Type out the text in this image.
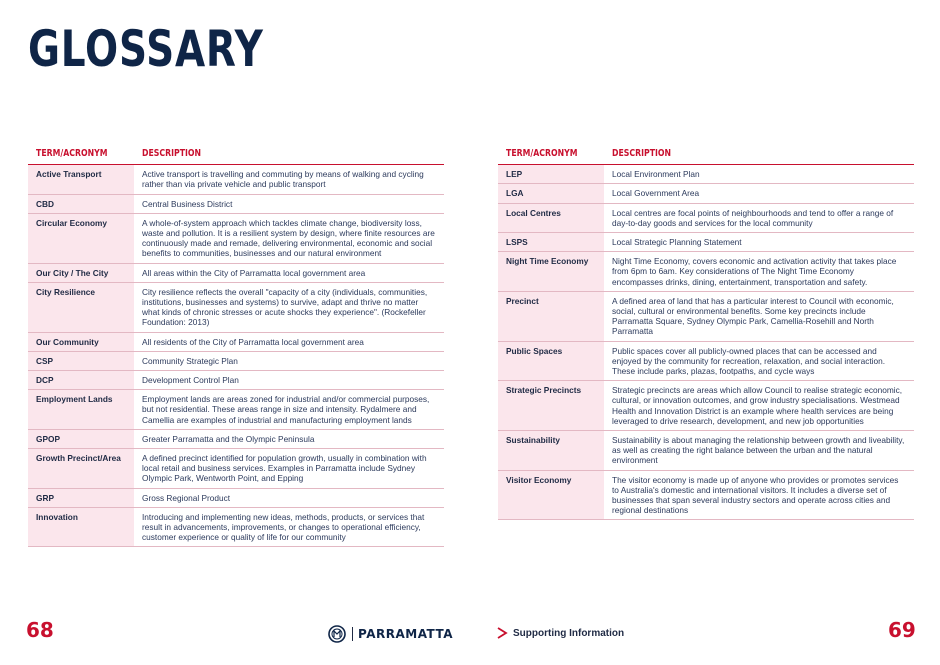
GLOSSARY
TERM/ACRONYM	DESCRIPTION
Active Transport	Active transport is travelling and commuting by means of walking and cycling rather than via private vehicle and public transport
CBD	Central Business District
Circular Economy	A whole-of-system approach which tackles climate change, biodiversity loss, waste and pollution. It is a resilient system by design, where finite resources are continuously made and remade, delivering environmental, economic and social benefits to communities, businesses and our natural environment
Our City / The City	All areas within the City of Parramatta local government area
City Resilience	City resilience reflects the overall "capacity of a city (individuals, communities, institutions, businesses and systems) to survive, adapt and thrive no matter what kinds of chronic stresses or acute shocks they experience". (Rockefeller Foundation: 2013)
Our Community	All residents of the City of Parramatta local government area
CSP	Community Strategic Plan
DCP	Development Control Plan
Employment Lands	Employment lands are areas zoned for industrial and/or commercial purposes, but not residential. These areas range in size and intensity. Rydalmere and Camellia are examples of industrial and manufacturing employment lands
GPOP	Greater Parramatta and the Olympic Peninsula
Growth Precinct/Area	A defined precinct identified for population growth, usually in combination with local retail and business services. Examples in Parramatta include Sydney Olympic Park, Wentworth Point, and Epping
GRP	Gross Regional Product
Innovation	Introducing and implementing new ideas, methods, products, or services that result in advancements, improvements, or changes to operational efficiency, customer experience or quality of life for our community
TERM/ACRONYM	DESCRIPTION
LEP	Local Environment Plan
LGA	Local Government Area
Local Centres	Local centres are focal points of neighbourhoods and tend to offer a range of day-to-day goods and services for the local community
LSPS	Local Strategic Planning Statement
Night Time Economy	Night Time Economy, covers economic and activation activity that takes place from 6pm to 6am. Key considerations of The Night Time Economy encompasses drinks, dining, entertainment, transportation and safety.
Precinct	A defined area of land that has a particular interest to Council with economic, social, cultural or environmental benefits. Some key precincts include Parramatta Square, Sydney Olympic Park, Camellia-Rosehill and North Parramatta
Public Spaces	Public spaces cover all publicly-owned places that can be accessed and enjoyed by the community for recreation, relaxation, and social interaction. These include parks, plazas, footpaths, and cycle ways
Strategic Precincts	Strategic precincts are areas which allow Council to realise strategic economic, cultural, or innovation outcomes, and grow industry specialisations. Westmead Health and Innovation District is an example where health services are being leveraged to drive research, development, and new job opportunities
Sustainability	Sustainability is about managing the relationship between growth and liveability, as well as creating the right balance between the urban and the natural environment
Visitor Economy	The visitor economy is made up of anyone who provides or promotes services to Australia's domestic and international visitors. It includes a diverse set of businesses that span several industry sectors and operate across cities and regional destinations
68	PARRAMATTA	Supporting Information	69
